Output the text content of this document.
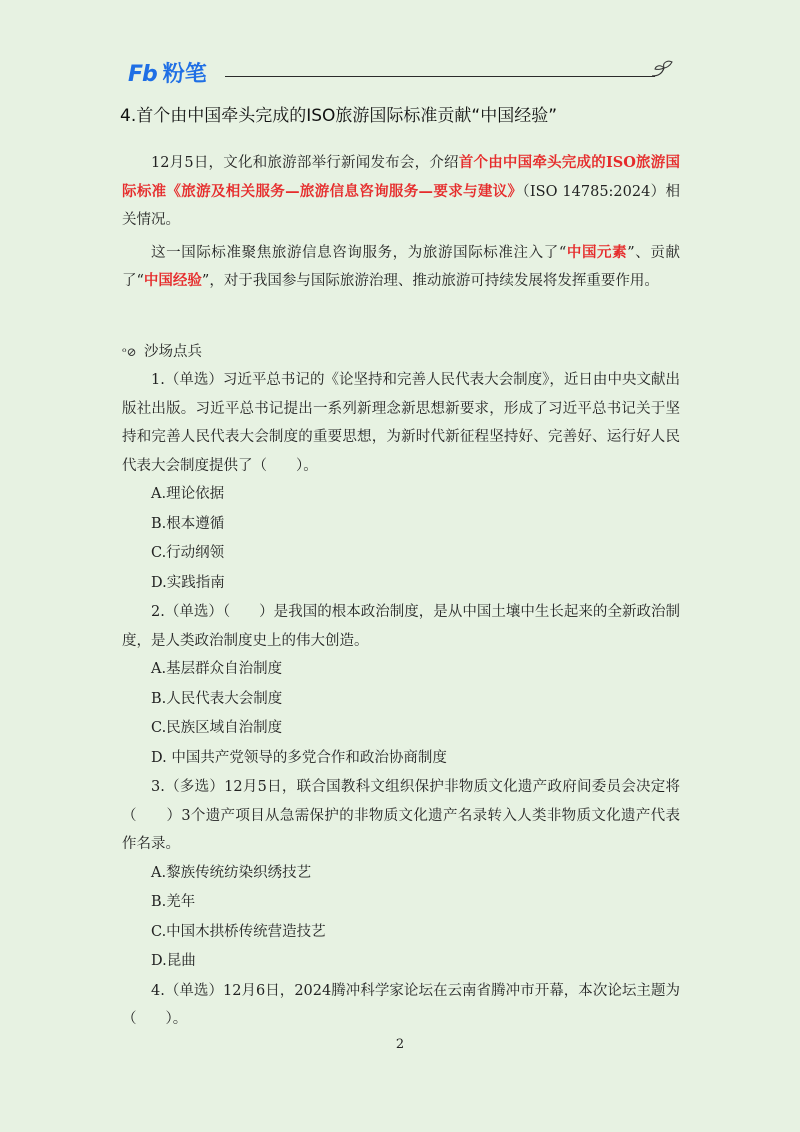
Fb 粉笔
4.首个由中国牵头完成的ISO旅游国际标准贡献“中国经验”

12月5日，文化和旅游部举行新闻发布会，介绍首个由中国牵头完成的ISO旅游国际标准《旅游及相关服务—旅游信息咨询服务—要求与建议》（ISO 14785:2024）相关情况。

这一国际标准聚焦旅游信息咨询服务，为旅游国际标准注入了“中国元素”、贡献了“中国经验”，对于我国参与国际旅游治理、推动旅游可持续发展将发挥重要作用。

ᵒ⊘ 沙场点兵

1.（单选）习近平总书记的《论坚持和完善人民代表大会制度》，近日由中央文献出版社出版。习近平总书记提出一系列新理念新思想新要求，形成了习近平总书记关于坚持和完善人民代表大会制度的重要思想，为新时代新征程坚持好、完善好、运行好人民代表大会制度提供了（　　）。

A.理论依据

B.根本遵循

C.行动纲领

D.实践指南

2.（单选）（　　）是我国的根本政治制度，是从中国土壤中生长起来的全新政治制度，是人类政治制度史上的伟大创造。

A.基层群众自治制度

B.人民代表大会制度

C.民族区域自治制度

D. 中国共产党领导的多党合作和政治协商制度

3.（多选）12月5日，联合国教科文组织保护非物质文化遗产政府间委员会决定将（　　）3个遗产项目从急需保护的非物质文化遗产名录转入人类非物质文化遗产代表作名录。

A.黎族传统纺染织绣技艺

B.羌年

C.中国木拱桥传统营造技艺

D.昆曲

4.（单选）12月6日，2024腾冲科学家论坛在云南省腾冲市开幕，本次论坛主题为（　　）。

2
